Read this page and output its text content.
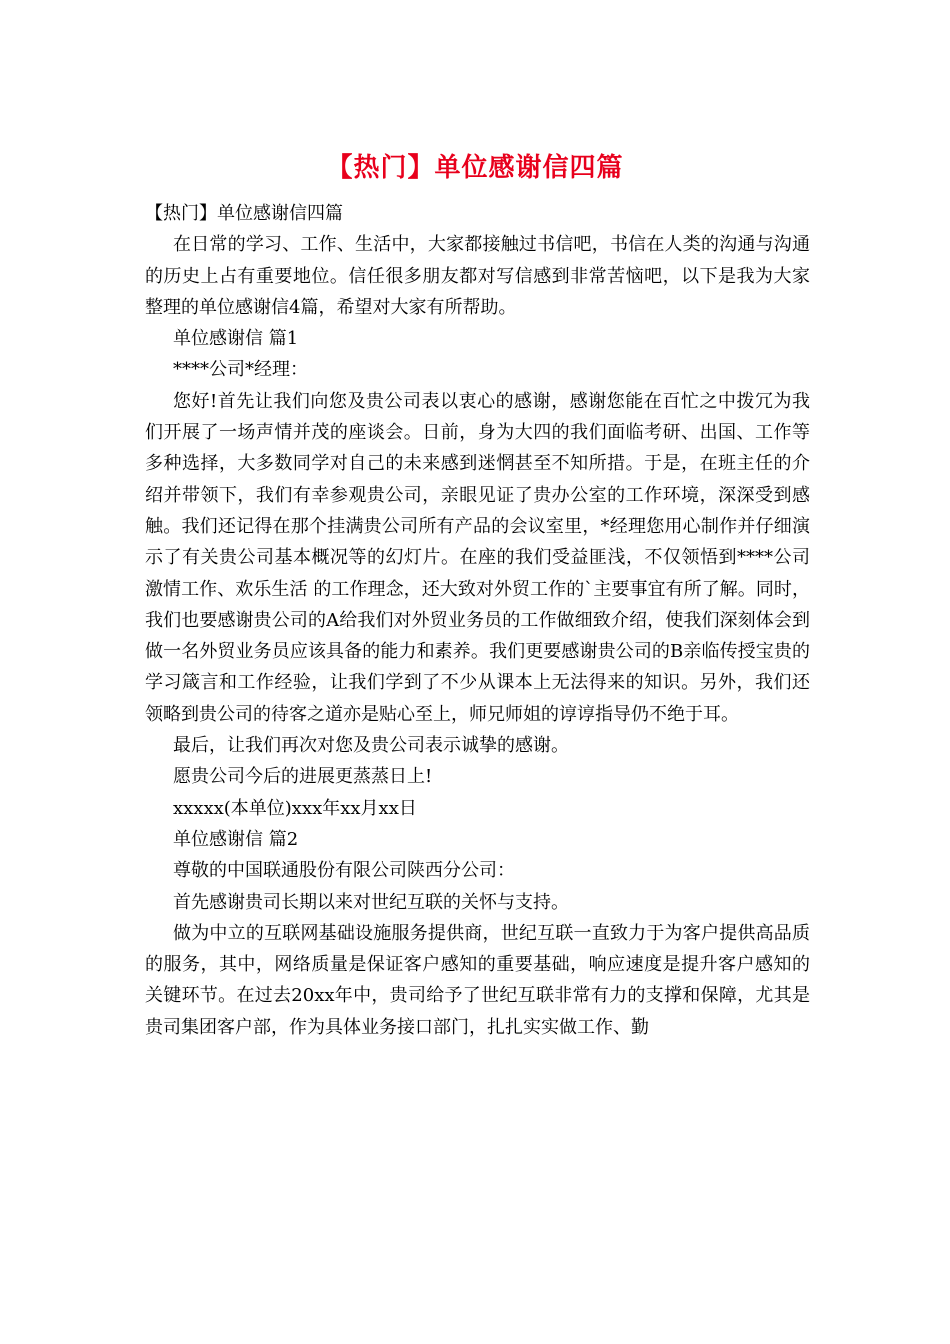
【热门】单位感谢信四篇

【热门】单位感谢信四篇

在日常的学习、工作、生活中，大家都接触过书信吧，书信在人类的沟通与沟通的历史上占有重要地位。信任很多朋友都对写信感到非常苦恼吧，以下是我为大家整理的单位感谢信4篇，希望对大家有所帮助。

单位感谢信 篇1

****公司*经理：

您好!首先让我们向您及贵公司表以衷心的感谢，感谢您能在百忙之中拨冗为我们开展了一场声情并茂的座谈会。日前，身为大四的我们面临考研、出国、工作等多种选择，大多数同学对自己的未来感到迷惘甚至不知所措。于是，在班主任的介绍并带领下，我们有幸参观贵公司，亲眼见证了贵办公室的工作环境，深深受到感触。我们还记得在那个挂满贵公司所有产品的会议室里，*经理您用心制作并仔细演示了有关贵公司基本概况等的幻灯片。在座的我们受益匪浅，不仅领悟到****公司 激情工作、欢乐生活 的工作理念，还大致对外贸工作的`主要事宜有所了解。同时，我们也要感谢贵公司的A给我们对外贸业务员的工作做细致介绍，使我们深刻体会到做一名外贸业务员应该具备的能力和素养。我们更要感谢贵公司的B亲临传授宝贵的学习箴言和工作经验，让我们学到了不少从课本上无法得来的知识。另外，我们还领略到贵公司的待客之道亦是贴心至上，师兄师姐的谆谆指导仍不绝于耳。

最后，让我们再次对您及贵公司表示诚挚的感谢。

愿贵公司今后的进展更蒸蒸日上!

xxxxx(本单位)xxx年xx月xx日

单位感谢信 篇2

尊敬的中国联通股份有限公司陕西分公司：

首先感谢贵司长期以来对世纪互联的关怀与支持。

做为中立的互联网基础设施服务提供商，世纪互联一直致力于为客户提供高品质的服务，其中，网络质量是保证客户感知的重要基础，响应速度是提升客户感知的关键环节。在过去20xx年中，贵司给予了世纪互联非常有力的支撑和保障，尤其是贵司集团客户部，作为具体业务接口部门，扎扎实实做工作、勤
